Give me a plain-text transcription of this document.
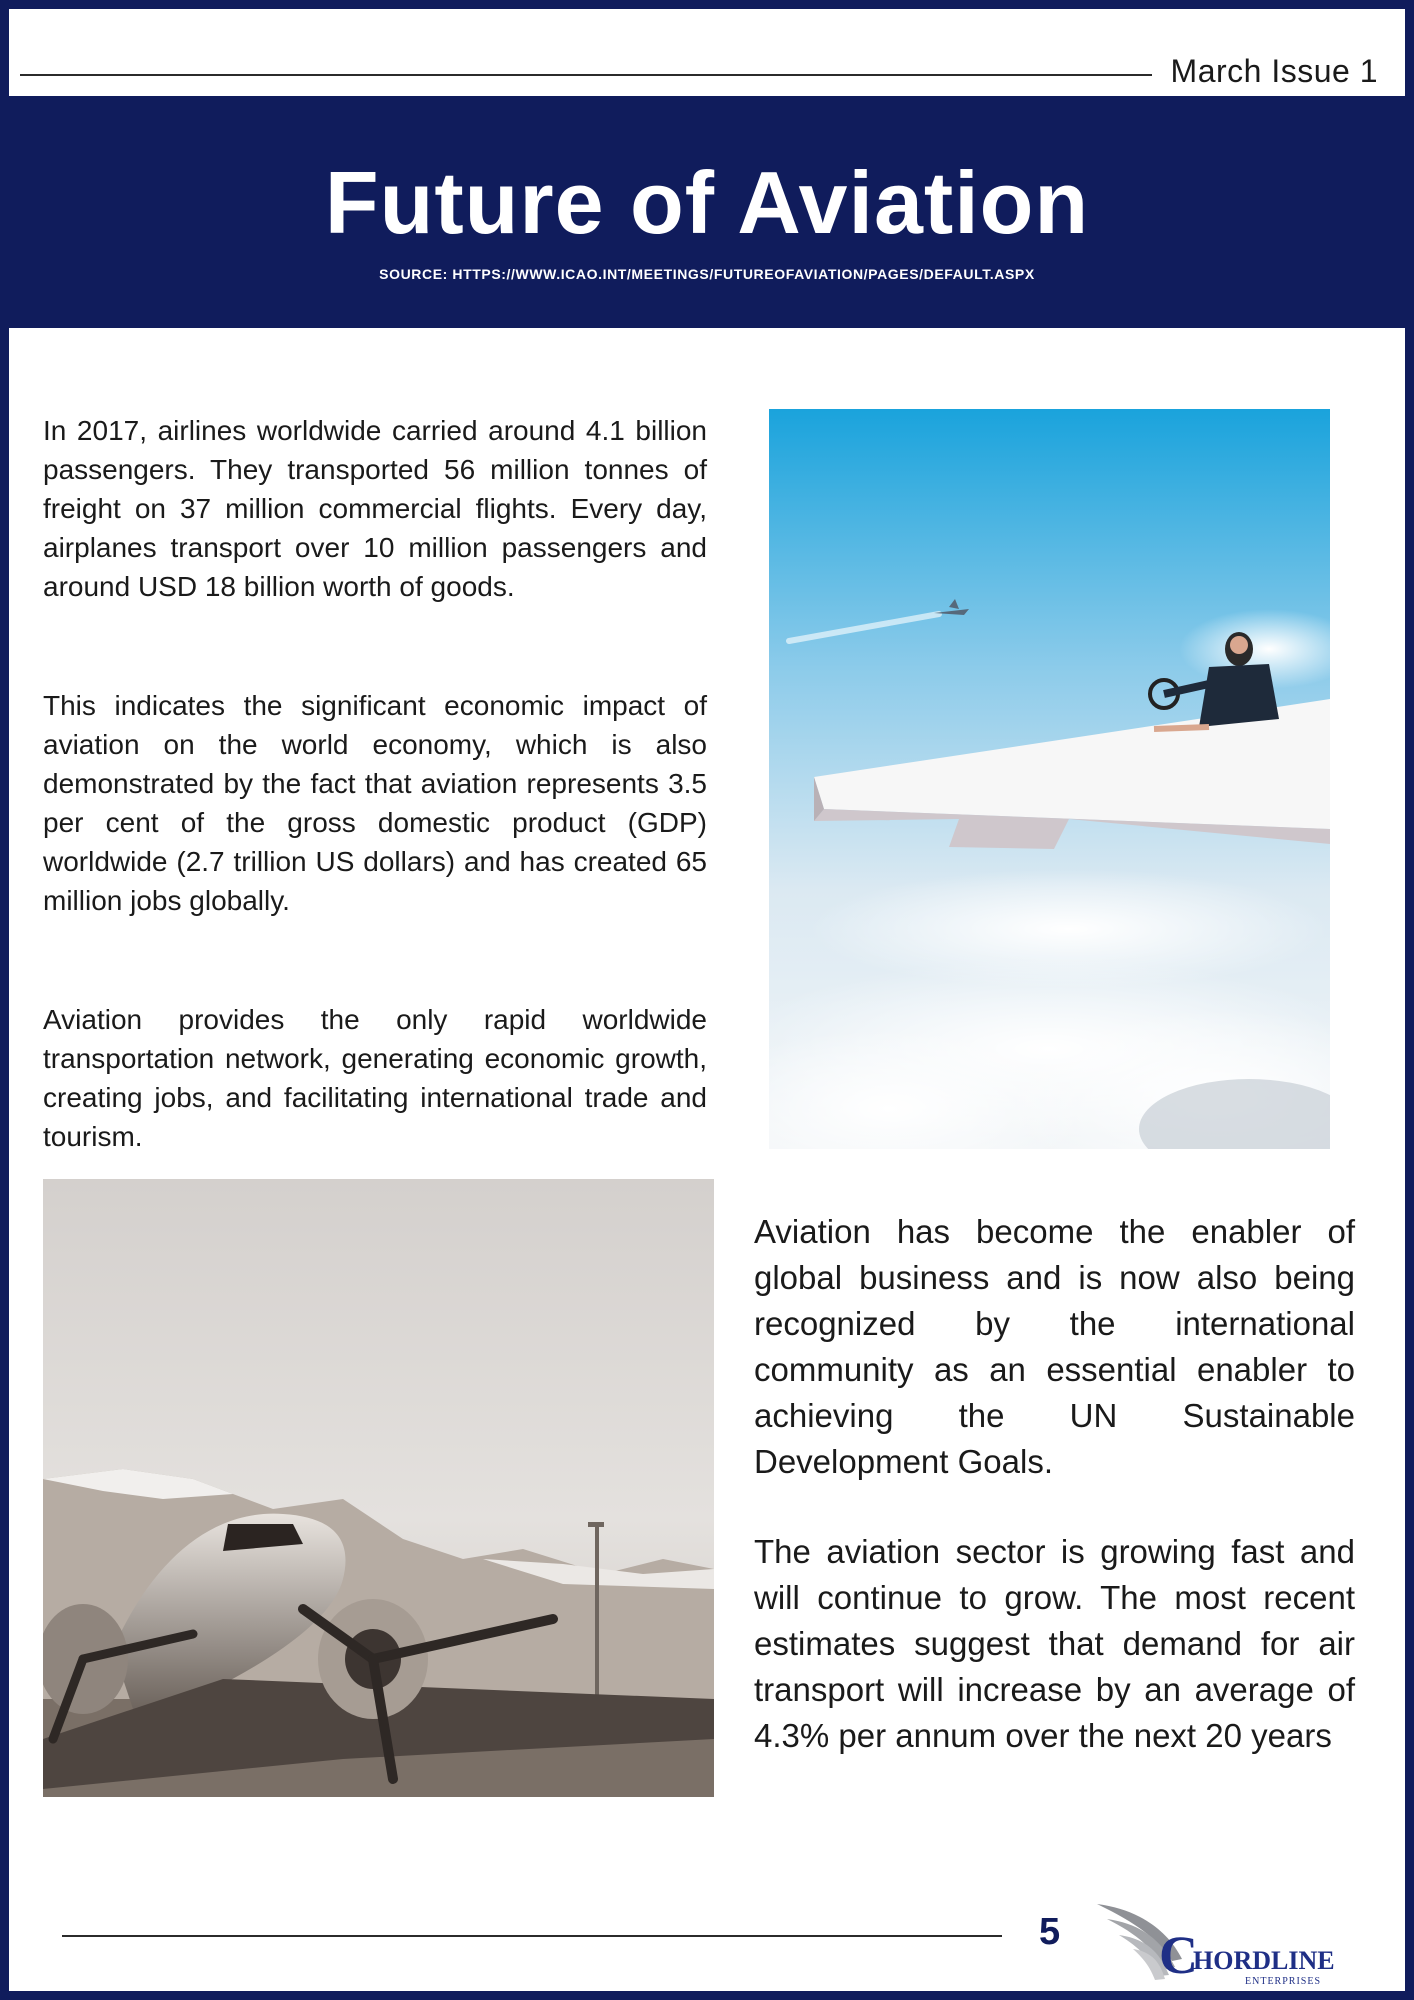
March Issue 1
Future of Aviation
SOURCE: HTTPS://WWW.ICAO.INT/MEETINGS/FUTUREOFAVIATION/PAGES/DEFAULT.ASPX

In 2017, airlines worldwide carried around 4.1 billion passengers. They transported 56 million tonnes of freight on 37 million commercial flights. Every day, airplanes transport over 10 million passengers and around USD 18 billion worth of goods.

This indicates the significant economic impact of aviation on the world economy, which is also demonstrated by the fact that aviation represents 3.5 per cent of the gross domestic product (GDP) worldwide (2.7 trillion US dollars) and has created 65 million jobs globally.

Aviation provides the only rapid worldwide transportation network, generating economic growth, creating jobs, and facilitating international trade and tourism.

Aviation has become the enabler of global business and is now also being recognized by the international community as an essential enabler to achieving the UN Sustainable Development Goals.

The aviation sector is growing fast and will continue to grow. The most recent estimates suggest that demand for air transport will increase by an average of 4.3% per annum over the next 20 years

5 C
HORDLINE
ENTERPRISES
